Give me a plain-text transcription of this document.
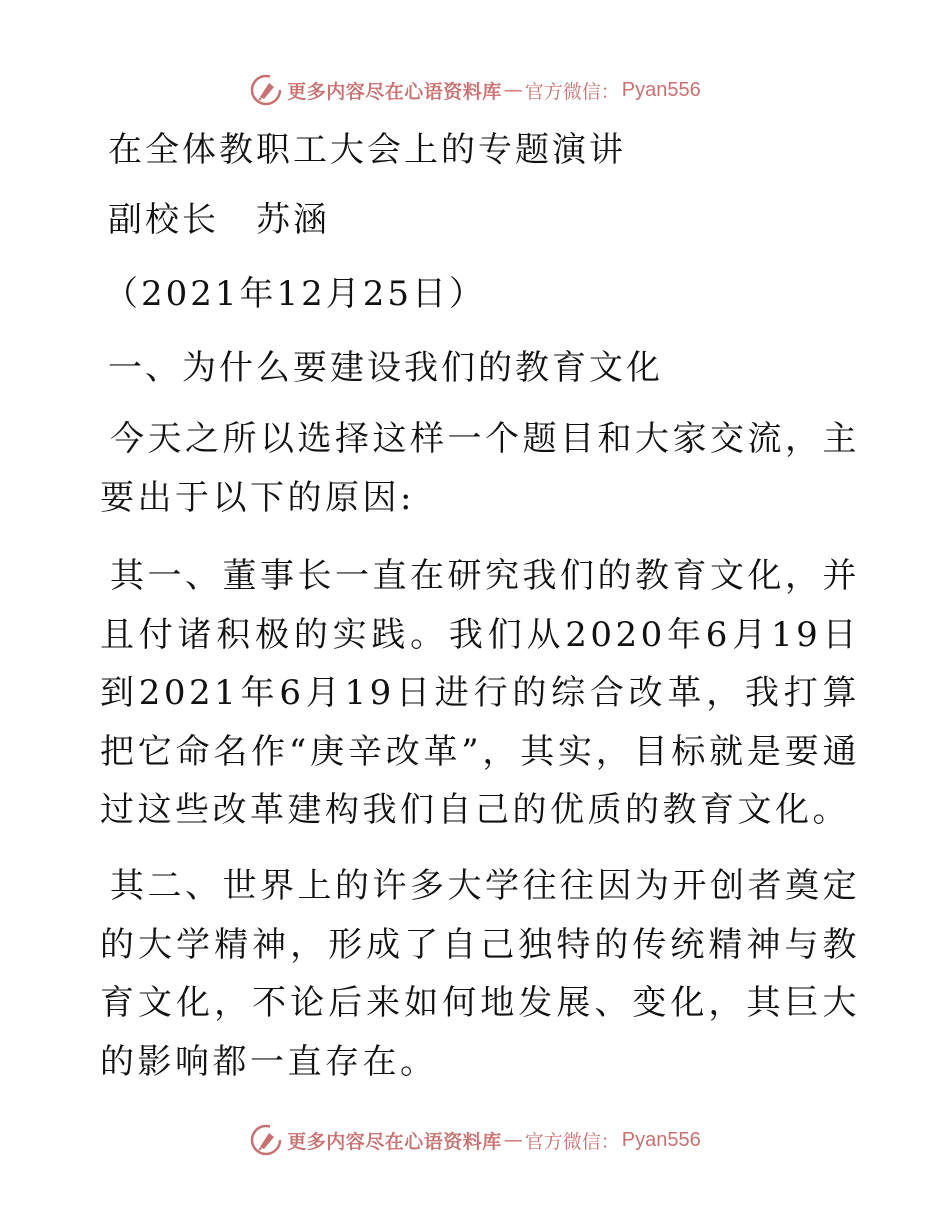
更多内容尽在心语资料库 — 官方微信： Pyan556
在全体教职工大会上的专题演讲
副校长　苏涵
（2021年12月25日）
一、为什么要建设我们的教育文化
今天之所以选择这样一个题目和大家交流，主要出于以下的原因:
其一、董事长一直在研究我们的教育文化，并且付诸积极的实践。我们从2020年6月19日到2021年6月19日进行的综合改革，我打算把它命名作“庚辛改革”，其实，目标就是要通过这些改革建构我们自己的优质的教育文化。
其二、世界上的许多大学往往因为开创者奠定的大学精神，形成了自己独特的传统精神与教育文化，不论后来如何地发展、变化，其巨大的影响都一直存在。
更多内容尽在心语资料库 — 官方微信： Pyan556
